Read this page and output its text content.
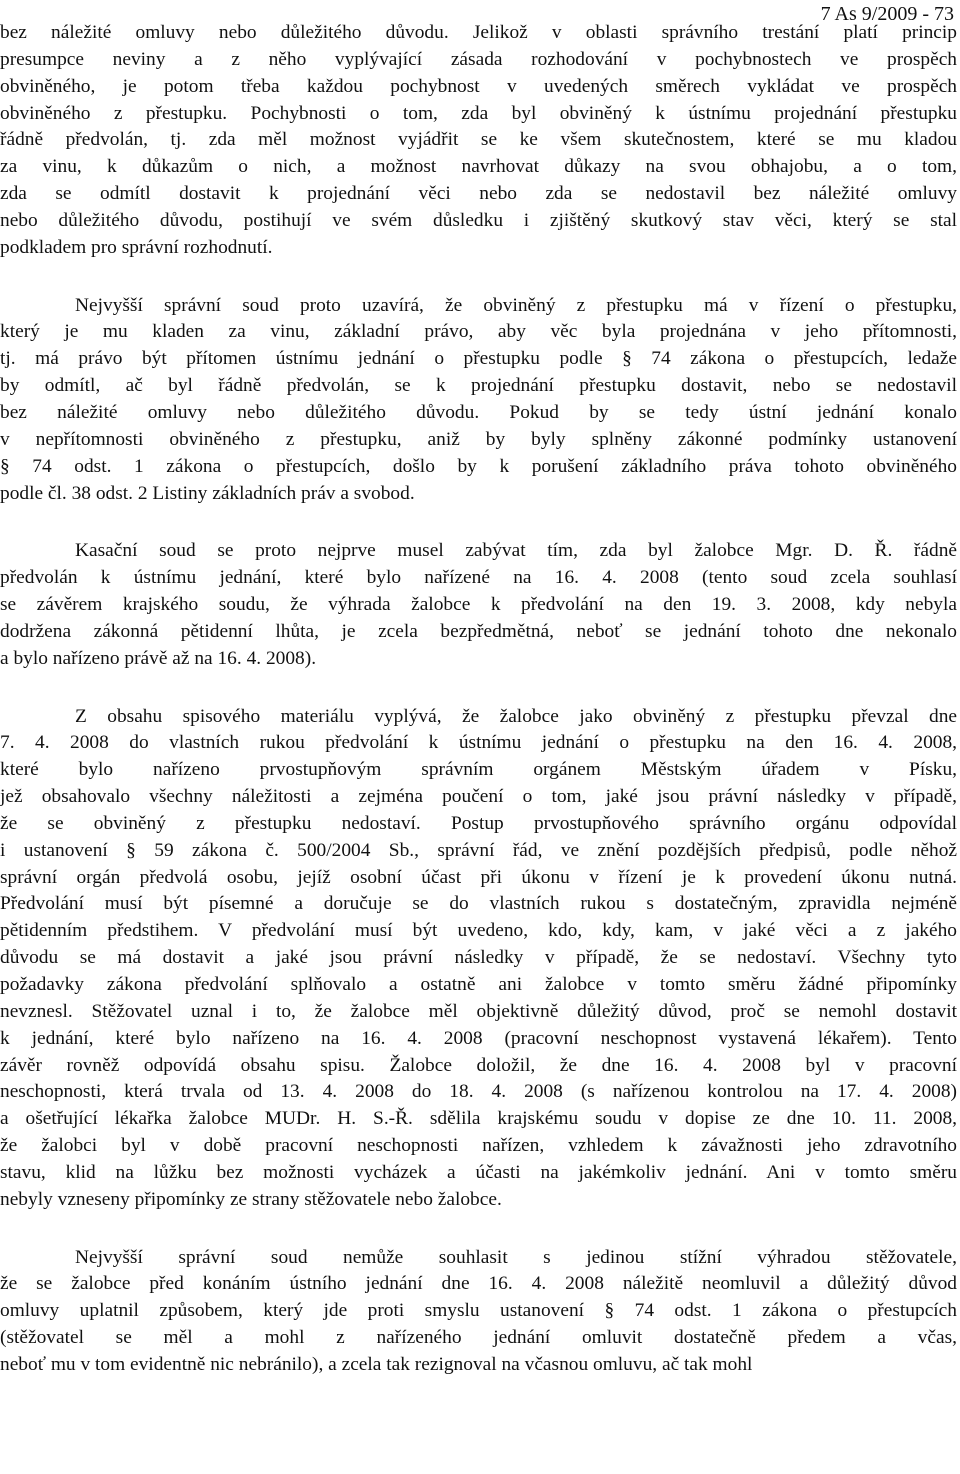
7 As 9/2009 - 73
bez náležité omluvy nebo důležitého důvodu. Jelikož v oblasti správního trestání platí princip
presumpce neviny a z něho vyplývající zásada rozhodování v pochybnostech ve prospěch
obviněného, je potom třeba každou pochybnost v uvedených směrech vykládat ve prospěch
obviněného z přestupku. Pochybnosti o tom, zda byl obviněný k ústnímu projednání přestupku
řádně předvolán, tj. zda měl možnost vyjádřit se ke všem skutečnostem, které se mu kladou
za vinu, k důkazům o nich, a možnost navrhovat důkazy na svou obhajobu, a o tom,
zda se odmítl dostavit k projednání věci nebo zda se nedostavil bez náležité omluvy
nebo důležitého důvodu, postihují ve svém důsledku i zjištěný skutkový stav věci, který se stal
podkladem pro správní rozhodnutí.
Nejvyšší správní soud proto uzavírá, že obviněný z přestupku má v řízení o přestupku,
který je mu kladen za vinu, základní právo, aby věc byla projednána v jeho přítomnosti,
tj. má právo být přítomen ústnímu jednání o přestupku podle § 74 zákona o přestupcích, ledaže
by odmítl, ač byl řádně předvolán, se k projednání přestupku dostavit, nebo se nedostavil
bez náležité omluvy nebo důležitého důvodu. Pokud by se tedy ústní jednání konalo
v nepřítomnosti obviněného z přestupku, aniž by byly splněny zákonné podmínky ustanovení
§ 74 odst. 1 zákona o přestupcích, došlo by k porušení základního práva tohoto obviněného
podle čl. 38 odst. 2 Listiny základních práv a svobod.
Kasační soud se proto nejprve musel zabývat tím, zda byl žalobce Mgr. D. Ř. řádně
předvolán k ústnímu jednání, které bylo nařízené na 16. 4. 2008 (tento soud zcela souhlasí
se závěrem krajského soudu, že výhrada žalobce k předvolání na den 19. 3. 2008, kdy nebyla
dodržena zákonná pětidenní lhůta, je zcela bezpředmětná, neboť se jednání tohoto dne nekonalo
a bylo nařízeno právě až na 16. 4. 2008).
Z obsahu spisového materiálu vyplývá, že žalobce jako obviněný z přestupku převzal dne
7. 4. 2008 do vlastních rukou předvolání k ústnímu jednání o přestupku na den 16. 4. 2008,
které bylo nařízeno prvostupňovým správním orgánem Městským úřadem v Písku,
jež obsahovalo všechny náležitosti a zejména poučení o tom, jaké jsou právní následky v případě,
že se obviněný z přestupku nedostaví. Postup prvostupňového správního orgánu odpovídal
i ustanovení § 59 zákona č. 500/2004 Sb., správní řád, ve znění pozdějších předpisů, podle něhož
správní orgán předvolá osobu, jejíž osobní účast při úkonu v řízení je k provedení úkonu nutná.
Předvolání musí být písemné a doručuje se do vlastních rukou s dostatečným, zpravidla nejméně
pětidenním předstihem. V předvolání musí být uvedeno, kdo, kdy, kam, v jaké věci a z jakého
důvodu se má dostavit a jaké jsou právní následky v případě, že se nedostaví. Všechny tyto
požadavky zákona předvolání splňovalo a ostatně ani žalobce v tomto směru žádné připomínky
nevznesl. Stěžovatel uznal i to, že žalobce měl objektivně důležitý důvod, proč se nemohl dostavit
k jednání, které bylo nařízeno na 16. 4. 2008 (pracovní neschopnost vystavená lékařem). Tento
závěr rovněž odpovídá obsahu spisu. Žalobce doložil, že dne 16. 4. 2008 byl v pracovní
neschopnosti, která trvala od 13. 4. 2008 do 18. 4. 2008 (s nařízenou kontrolou na 17. 4. 2008)
a ošetřující lékařka žalobce MUDr. H. S.-Ř. sdělila krajskému soudu v dopise ze dne 10. 11. 2008,
že žalobci byl v době pracovní neschopnosti nařízen, vzhledem k závažnosti jeho zdravotního
stavu, klid na lůžku bez možnosti vycházek a účasti na jakémkoliv jednání. Ani v tomto směru
nebyly vzneseny připomínky ze strany stěžovatele nebo žalobce.
Nejvyšší správní soud nemůže souhlasit s jedinou stížní výhradou stěžovatele,
že se žalobce před konáním ústního jednání dne 16. 4. 2008 náležitě neomluvil a důležitý důvod
omluvy uplatnil způsobem, který jde proti smyslu ustanovení § 74 odst. 1 zákona o přestupcích
(stěžovatel se měl a mohl z nařízeného jednání omluvit dostatečně předem a včas,
neboť mu v tom evidentně nic nebránilo), a zcela tak rezignoval na včasnou omluvu, ač tak mohl
